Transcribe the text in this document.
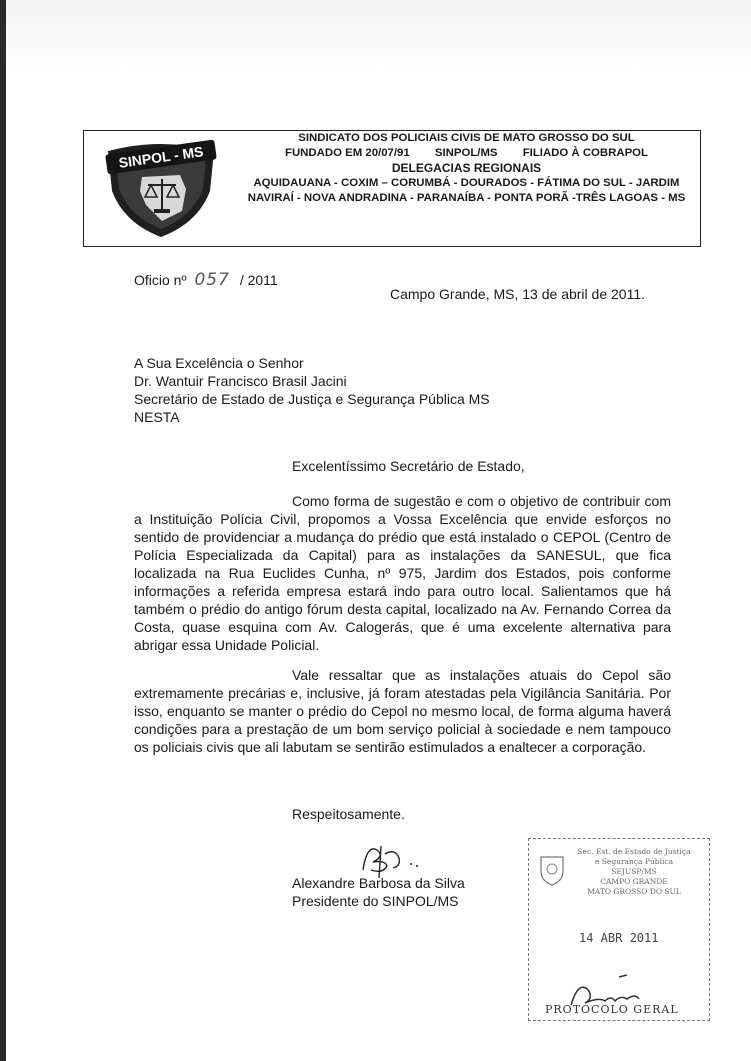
SINPOL - MS
SINDICATO DOS POLICIAIS CIVIS DE MATO GROSSO DO SUL
FUNDADO EM 20/07/91 SINPOL/MS FILIADO À COBRAPOL
DELEGACIAS REGIONAIS
AQUIDAUANA - COXIM – CORUMBÁ - DOURADOS - FÁTIMA DO SUL - JARDIM
NAVIRAÍ - NOVA ANDRADINA - PARANAÍBA - PONTA PORÃ -TRÊS LAGOAS - MS
Oficio nº 057 / 2011
Campo Grande, MS, 13 de abril de 2011.
A Sua Excelência o Senhor
Dr. Wantuir Francisco Brasil Jacini
Secretário de Estado de Justiça e Segurança Pública MS
NESTA
Excelentíssimo Secretário de Estado,

Como forma de sugestão e com o objetivo de contribuir com a Instituição Polícia Civil, propomos a Vossa Excelência que envide esforços no sentido de providenciar a mudança do prédio que está instalado o CEPOL (Centro de Polícia Especializada da Capital) para as instalações da SANESUL, que fica localizada na Rua Euclides Cunha, nº 975, Jardim dos Estados, pois conforme informações a referida empresa estará indo para outro local. Salientamos que há também o prédio do antigo fórum desta capital, localizado na Av. Fernando Correa da Costa, quase esquina com Av. Calogerás, que é uma excelente alternativa para abrigar essa Unidade Policial.

Vale ressaltar que as instalações atuais do Cepol são extremamente precárias e, inclusive, já foram atestadas pela Vigilância Sanitária. Por isso, enquanto se manter o prédio do Cepol no mesmo local, de forma alguma haverá condições para a prestação de um bom serviço policial à sociedade e nem tampouco os policiais civis que ali labutam se sentirão estimulados a enaltecer a corporação.

Respeitosamente.
Alexandre Barbosa da Silva
Presidente do SINPOL/MS
Sec. Est. de Estado de Justiça
e Segurança Pública
SEJUSP/MS
CAMPO GRANDE
MATO GROSSO DO SUL
14 ABR 2011
PROTOCOLO GERAL
